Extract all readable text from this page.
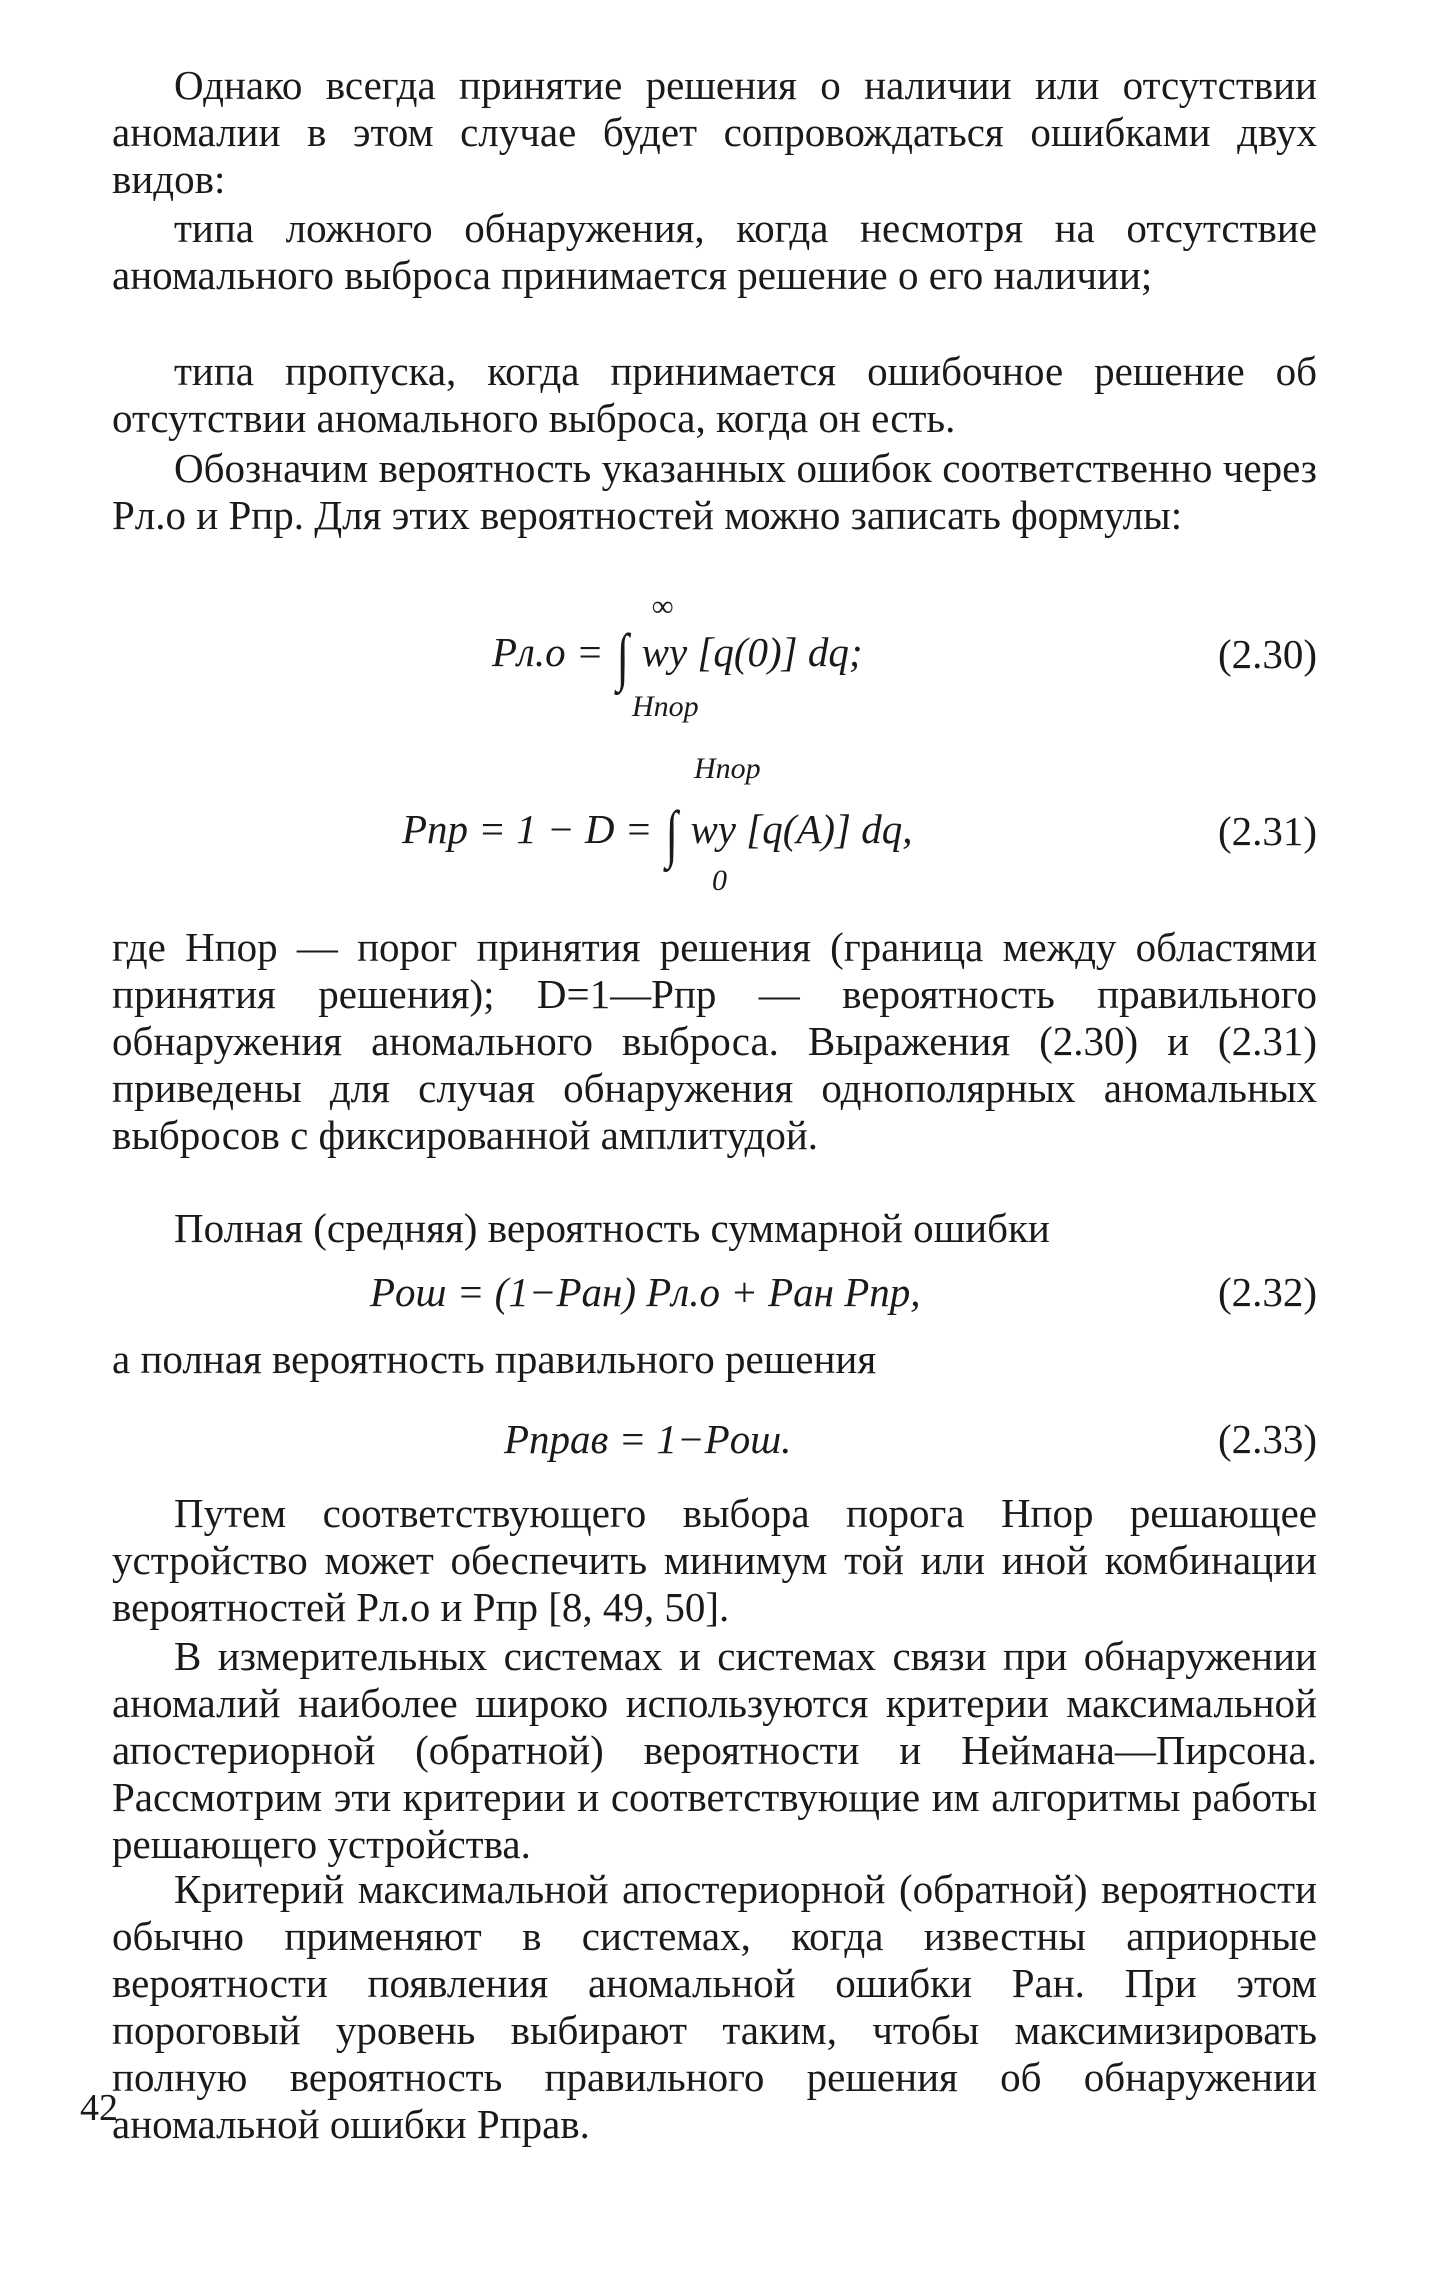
Однако всегда принятие решения о наличии или отсутствии аномалии в этом случае будет сопровождаться ошибками двух видов:

типа ложного обнаружения, когда несмотря на отсутствие аномального выброса принимается решение о его наличии;

типа пропуска, когда принимается ошибочное решение об отсутствии аномального выброса, когда он есть.

Обозначим вероятность указанных ошибок соответственно через Pл.о и Pпр. Для этих вероятностей можно записать формулы:

Pл.о = ∫ wy [q(0)] dq;
∞
Hпор
(2.30)
Pпр = 1 − D = ∫ wy [q(A)] dq,
Hпор
0
(2.31)

где Hпор — порог принятия решения (граница между областями принятия решения); D=1—Pпр — вероятность правильного обнаружения аномального выброса. Выражения (2.30) и (2.31) приведены для случая обнаружения однополярных аномальных выбросов с фиксированной амплитудой.

Полная (средняя) вероятность суммарной ошибки

Pош = (1−Pан) Pл.о + Pан Pпр,	(2.32)

а полная вероятность правильного решения

Pправ = 1−Pош.	(2.33)

Путем соответствующего выбора порога Hпор решающее устройство может обеспечить минимум той или иной комбинации вероятностей Pл.о и Pпр [8, 49, 50].

В измерительных системах и системах связи при обнаружении аномалий наиболее широко используются критерии максимальной апостериорной (обратной) вероятности и Неймана—Пирсона. Рассмотрим эти критерии и соответствующие им алгоритмы работы решающего устройства.

Критерий максимальной апостериорной (обратной) вероятности обычно применяют в системах, когда известны априорные вероятности появления аномальной ошибки Pан. При этом пороговый уровень выбирают таким, чтобы максимизировать полную вероятность правильного решения об обнаружении аномальной ошибки Pправ.

42
